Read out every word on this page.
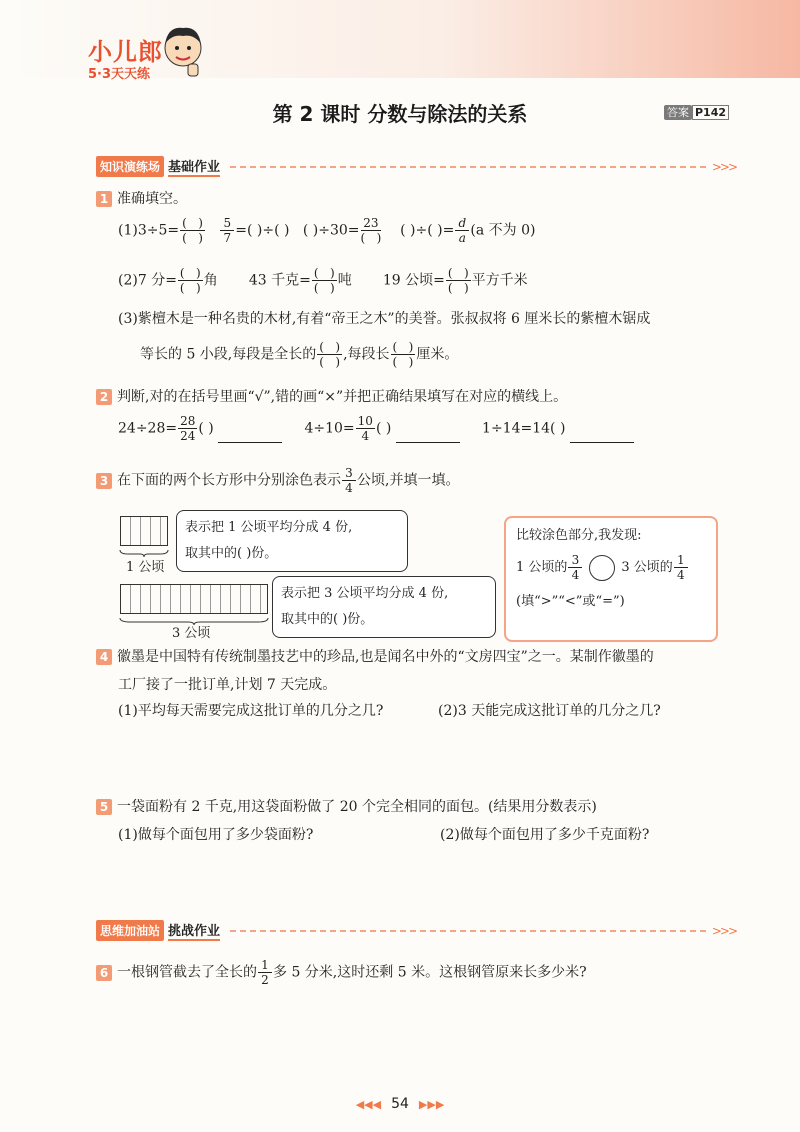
小儿郎
5·3天天练
第 2 课时 分数与除法的关系	答案 P142
知识演练场 基础作业	>>>
1 准确填空。
$(1)3\div 5= \frac{( )}{( )}$
$\frac{5}{7}$ =( )÷( ) ( )$\div 30= \frac{23}{( )}$ ( )÷( )= $\frac{d}{a} (a$ 不为 0)
(2)7 分= $\frac{( )}{( )}$ 角 43 千克= $\frac{( )}{( )}$ 吨 19 公顷= $\frac{( )}{( )}$ 平方千米
(3)紫檀木是一种名贵的木材,有着“帝王之木”的美誉。张叔叔将 6 厘米长的紫檀木锯成
等长的 5 小段,每段是全长的 $\frac{( )}{( )}$ ,每段长 $\frac{( )}{( )}$ 厘米。
2 判断,对的在括号里画“√”,错的画“×”并把正确结果填写在对应的横线上。
$24\div 28= \frac{28}{24}$ ( )	$4\div 10= \frac{10}{4}$ ( )	1÷14=14( )
3 在下面的两个长方形中分别涂色表示 $\frac{3}{4}$ 公顷,并填一填。
1 公顷
表示把 1 公顷平均分成 4 份,
取其中的( )份。
3 公顷
表示把 3 公顷平均分成 4 份,
取其中的( )份。
比较涂色部分,我发现:
1 公顷的 $\frac{3}{4}$	3 公顷的 $\frac{1}{4}$
(填“>”“<”或“=”)
4 徽墨是中国特有传统制墨技艺中的珍品,也是闻名中外的“文房四宝”之一。某制作徽墨的
工厂接了一批订单,计划 7 天完成。
(1)平均每天需要完成这批订单的几分之几?	(2)3 天能完成这批订单的几分之几?
5 一袋面粉有 2 千克,用这袋面粉做了 20 个完全相同的面包。(结果用分数表示)
(1)做每个面包用了多少袋面粉?	(2)做每个面包用了多少千克面粉?
思维加油站 挑战作业	>>>
6 一根钢管截去了全长的 $\frac{1}{2}$ 多 5 分米,这时还剩 5 米。这根钢管原来长多少米?
◀◀◀ 54 ▶▶▶
